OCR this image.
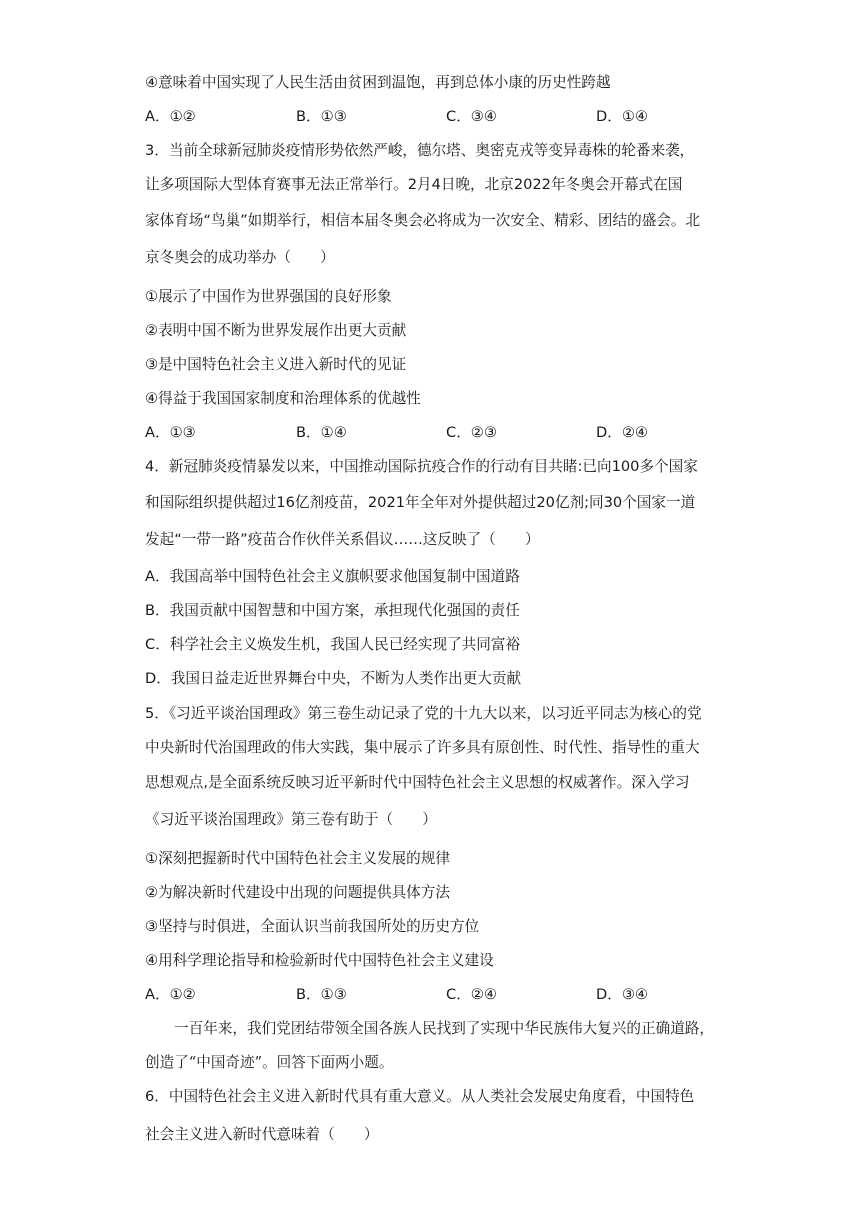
④意味着中国实现了人民生活由贫困到温饱，再到总体小康的历史性跨越
A．①②	B．①③	C．③④	D．①④
3．当前全球新冠肺炎疫情形势依然严峻，德尔塔、奥密克戎等变异毒株的轮番来袭，
让多项国际大型体育赛事无法正常举行。2月4日晚，北京2022年冬奥会开幕式在国
家体育场“鸟巢”如期举行，相信本届冬奥会必将成为一次安全、精彩、团结的盛会。北
京冬奥会的成功举办（　　）
①展示了中国作为世界强国的良好形象
②表明中国不断为世界发展作出更大贡献
③是中国特色社会主义进入新时代的见证
④得益于我国国家制度和治理体系的优越性
A．①③	B．①④	C．②③	D．②④
4．新冠肺炎疫情暴发以来，中国推动国际抗疫合作的行动有目共睹:已向100多个国家
和国际组织提供超过16亿剂疫苗，2021年全年对外提供超过20亿剂;同30个国家一道
发起“一带一路”疫苗合作伙伴关系倡议……这反映了（　　）
A．我国高举中国特色社会主义旗帜要求他国复制中国道路
B．我国贡献中国智慧和中国方案，承担现代化强国的责任
C．科学社会主义焕发生机，我国人民已经实现了共同富裕
D．我国日益走近世界舞台中央，不断为人类作出更大贡献
5．《习近平谈治国理政》第三卷生动记录了党的十九大以来，以习近平同志为核心的党
中央新时代治国理政的伟大实践，集中展示了许多具有原创性、时代性、指导性的重大
思想观点,是全面系统反映习近平新时代中国特色社会主义思想的权威著作。深入学习
《习近平谈治国理政》第三卷有助于（　　）
①深刻把握新时代中国特色社会主义发展的规律
②为解决新时代建设中出现的问题提供具体方法
③坚持与时俱进，全面认识当前我国所处的历史方位
④用科学理论指导和检验新时代中国特色社会主义建设
A．①②	B．①③	C．②④	D．③④
一百年来，我们党团结带领全国各族人民找到了实现中华民族伟大复兴的正确道路，
创造了“中国奇迹”。回答下面两小题。
6．中国特色社会主义进入新时代具有重大意义。从人类社会发展史角度看，中国特色
社会主义进入新时代意味着（　　）
